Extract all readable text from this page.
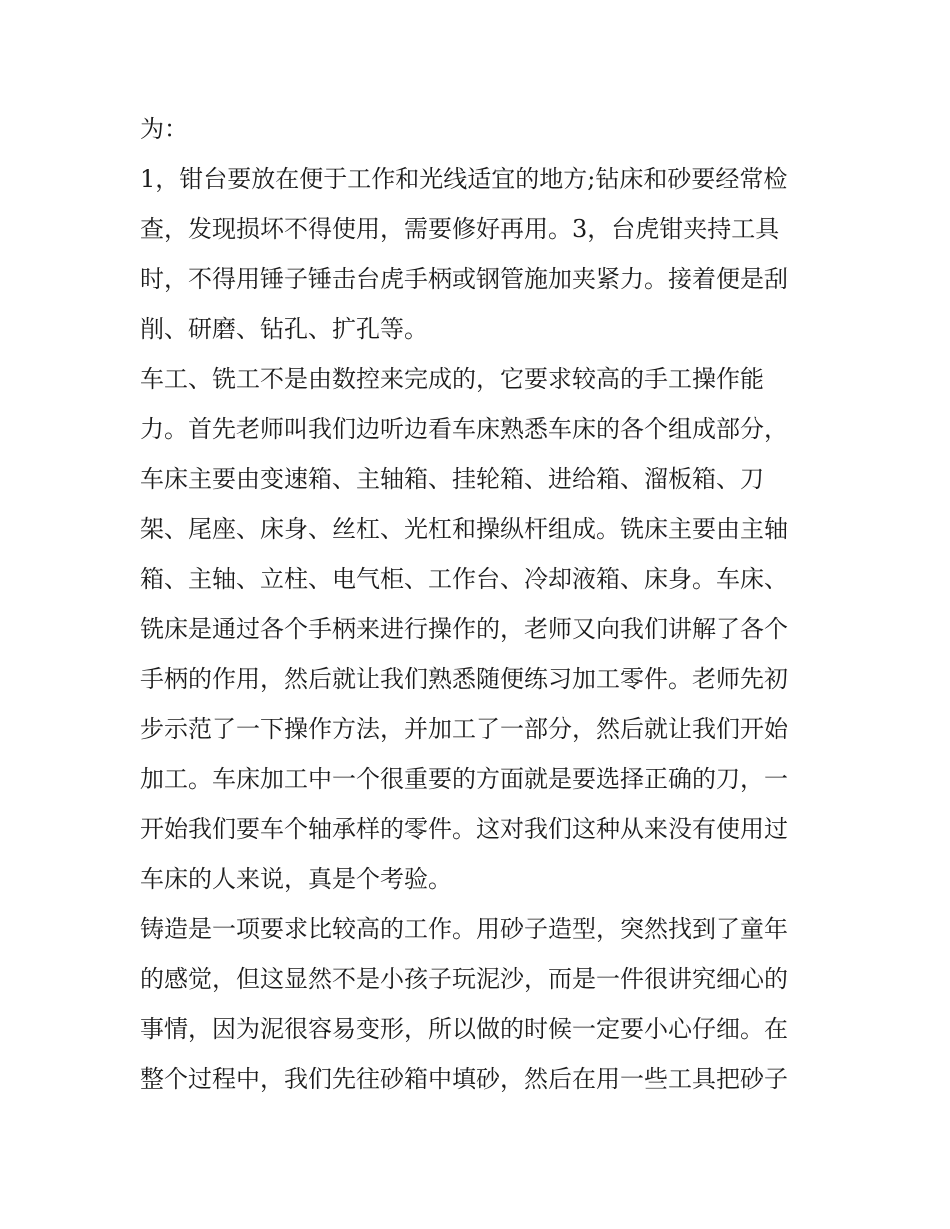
为：

1，钳台要放在便于工作和光线适宜的地方;钻床和砂要经常检
查，发现损坏不得使用，需要修好再用。3，台虎钳夹持工具
时，不得用锤子锤击台虎手柄或钢管施加夹紧力。接着便是刮
削、研磨、钻孔、扩孔等。

车工、铣工不是由数控来完成的，它要求较高的手工操作能
力。首先老师叫我们边听边看车床熟悉车床的各个组成部分，
车床主要由变速箱、主轴箱、挂轮箱、进给箱、溜板箱、刀
架、尾座、床身、丝杠、光杠和操纵杆组成。铣床主要由主轴
箱、主轴、立柱、电气柜、工作台、冷却液箱、床身。车床、
铣床是通过各个手柄来进行操作的，老师又向我们讲解了各个
手柄的作用，然后就让我们熟悉随便练习加工零件。老师先初
步示范了一下操作方法，并加工了一部分，然后就让我们开始
加工。车床加工中一个很重要的方面就是要选择正确的刀，一
开始我们要车个轴承样的零件。这对我们这种从来没有使用过
车床的人来说，真是个考验。

铸造是一项要求比较高的工作。用砂子造型，突然找到了童年
的感觉，但这显然不是小孩子玩泥沙，而是一件很讲究细心的
事情，因为泥很容易变形，所以做的时候一定要小心仔细。在
整个过程中，我们先往砂箱中填砂，然后在用一些工具把砂子
